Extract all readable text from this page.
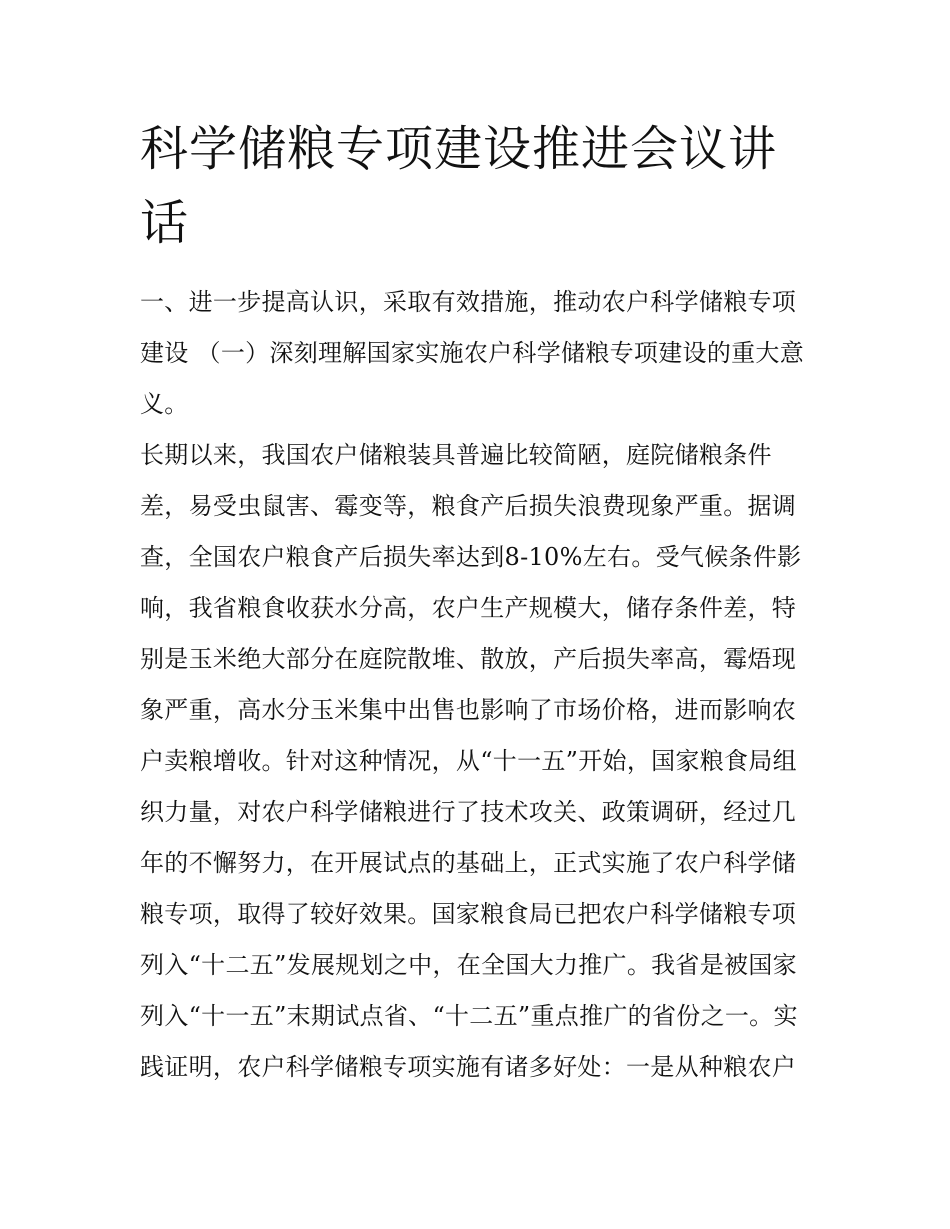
科学储粮专项建设推进会议讲话

一、进一步提高认识，采取有效措施，推动农户科学储粮专项建设 （一）深刻理解国家实施农户科学储粮专项建设的重大意义。

长期以来，我国农户储粮装具普遍比较简陋，庭院储粮条件差，易受虫鼠害、霉变等，粮食产后损失浪费现象严重。据调查，全国农户粮食产后损失率达到8-10%左右。受气候条件影响，我省粮食收获水分高，农户生产规模大，储存条件差，特别是玉米绝大部分在庭院散堆、散放，产后损失率高，霉焐现象严重，高水分玉米集中出售也影响了市场价格，进而影响农户卖粮增收。针对这种情况，从“十一五”开始，国家粮食局组织力量，对农户科学储粮进行了技术攻关、政策调研，经过几年的不懈努力，在开展试点的基础上，正式实施了农户科学储粮专项，取得了较好效果。国家粮食局已把农户科学储粮专项列入“十二五”发展规划之中，在全国大力推广。我省是被国家列入“十一五”末期试点省、“十二五”重点推广的省份之一。实践证明，农户科学储粮专项实施有诸多好处：一是从种粮农户
